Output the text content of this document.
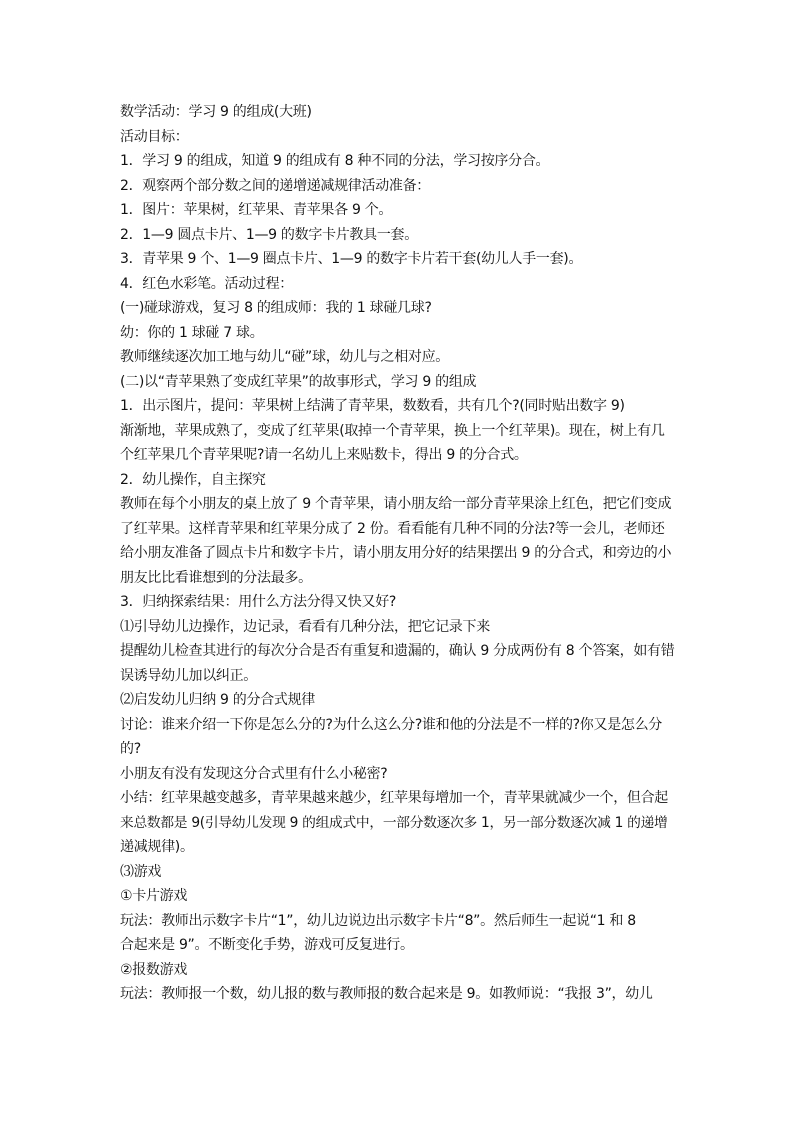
数学活动：学习 9 的组成(大班)
活动目标：
1．学习 9 的组成，知道 9 的组成有 8 种不同的分法，学习按序分合。
2．观察两个部分数之间的递增递减规律活动准备：
1．图片：苹果树，红苹果、青苹果各 9 个。
2．1—9 圆点卡片、1—9 的数字卡片教具一套。
3．青苹果 9 个、1—9 圈点卡片、1—9 的数字卡片若干套(幼儿人手一套)。
4．红色水彩笔。活动过程：
(一)碰球游戏，复习 8 的组成师：我的 1 球碰几球?
幼：你的 1 球碰 7 球。
教师继续逐次加工地与幼儿“碰”球，幼儿与之相对应。
(二)以“青苹果熟了变成红苹果”的故事形式，学习 9 的组成
1．出示图片，提问：苹果树上结满了青苹果，数数看，共有几个?(同时贴出数字 9)
渐渐地，苹果成熟了，变成了红苹果(取掉一个青苹果，换上一个红苹果)。现在，树上有几
个红苹果几个青苹果呢?请一名幼儿上来贴数卡，得出 9 的分合式。
2．幼儿操作，自主探究
教师在每个小朋友的桌上放了 9 个青苹果，请小朋友给一部分青苹果涂上红色，把它们变成
了红苹果。这样青苹果和红苹果分成了 2 份。看看能有几种不同的分法?等一会儿，老师还
给小朋友准备了圆点卡片和数字卡片，请小朋友用分好的结果摆出 9 的分合式，和旁边的小
朋友比比看谁想到的分法最多。
3．归纳探索结果：用什么方法分得又快又好?
⑴引导幼儿边操作，边记录，看看有几种分法，把它记录下来
提醒幼儿检查其进行的每次分合是否有重复和遗漏的，确认 9 分成两份有 8 个答案，如有错
误诱导幼儿加以纠正。
⑵启发幼儿归纳 9 的分合式规律
讨论：谁来介绍一下你是怎么分的?为什么这么分?谁和他的分法是不一样的?你又是怎么分
的?
小朋友有没有发现这分合式里有什么小秘密?
小结：红苹果越变越多，青苹果越来越少，红苹果每增加一个，青苹果就减少一个，但合起
来总数都是 9(引导幼儿发现 9 的组成式中，一部分数逐次多 1，另一部分数逐次减 1 的递增
递减规律)。
⑶游戏
①卡片游戏
玩法：教师出示数字卡片“1”，幼儿边说边出示数字卡片“8”。然后师生一起说“1 和 8
合起来是 9”。不断变化手势，游戏可反复进行。
②报数游戏
玩法：教师报一个数，幼儿报的数与教师报的数合起来是 9。如教师说：“我报 3”，幼儿
